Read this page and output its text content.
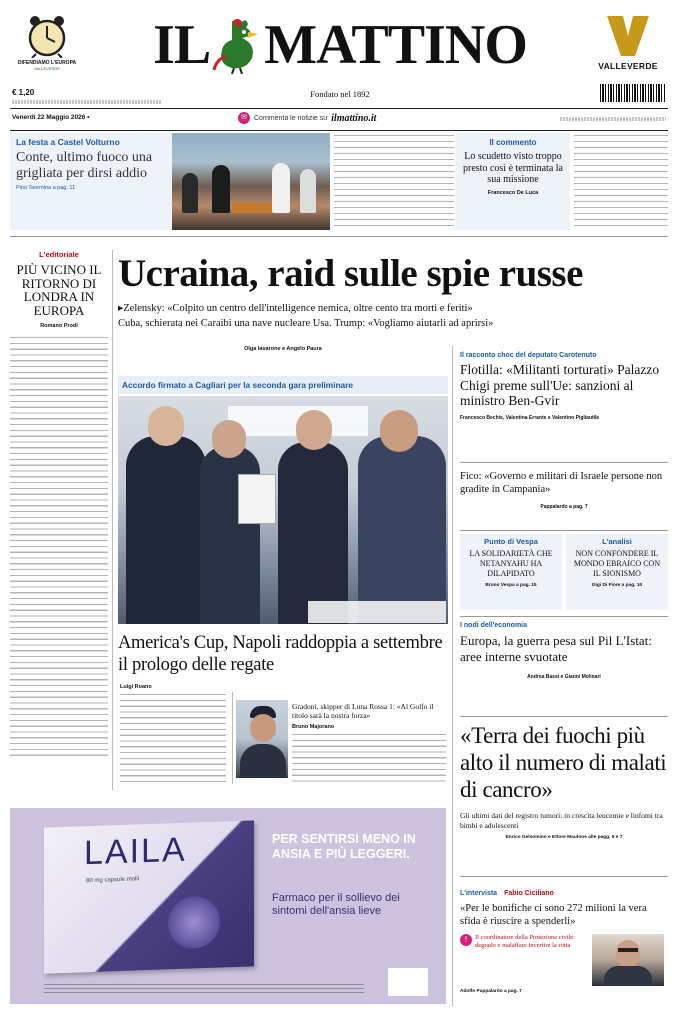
DIFENDIAMO L'EUROPA
VALLEVERDE	IL MATTINO	VALLEVERDE
€ 1,20	Fondato nel 1892
Venerdì 22 Maggio 2026 •	✉	Commenta le notizie su ilmattino.it
La festa a Castel Volturno
Conte, ultimo fuoco una grigliata per dirsi addio
Pino Taormina a pag. 11
Il commento
Lo scudetto visto troppo presto così è terminata la sua missione
Francesco De Luca
L'editoriale
PIÙ VICINO IL RITORNO DI LONDRA IN EUROPA
Romano Prodi
Ucraina, raid sulle spie russe
▸Zelensky: «Colpito un centro dell'intelligence nemica, oltre cento tra morti e feriti»
Cuba, schierata nei Caraibi una nave nucleare Usa. Trump: «Vogliamo aiutarli ad aprirsi»
Olga Iavarone e Angelo Paura
Accordo firmato a Cagliari per la seconda gara preliminare
America's Cup, Napoli raddoppia a settembre il prologo delle regate
Luigi Roano
Gradoni, skipper di Luna Rossa 1: «Al Golfo il titolo sarà la nostra forza»
Bruno Majorano
Il racconto choc del deputato Carotenuto
Flotilla: «Militanti torturati» Palazzo Chigi preme sull'Ue: sanzioni al ministro Ben-Gvir
Francesco Bechis, Valentina Errante e Valentino Pigliautile
Fico: «Governo e militari di Israele persone non gradite in Campania»
Pappalardo a pag. 7
Punto di Vespa
LA SOLIDARIETÀ CHE NETANYAHU HA DILAPIDATO
Bruno Vespa a pag. 15
L'analisi
NON CONFONDERE IL MONDO EBRAICO CON IL SIONISMO
Gigi Di Fiore a pag. 10
I nodi dell'economia
Europa, la guerra pesa sul Pil L'Istat: aree interne svuotate
Andrea Bassi e Gianni Molinari
«Terra dei fuochi più alto il numero di malati di cancro»
Gli ultimi dati del registro tumori: in crescita leucemie e linfomi tra bimbi e adolescenti
Enrico Gelsomino e Ettore Mautone alle pagg. 6 e 7
L'intervista Fabio Ciciliano
«Per le bonifiche ci sono 272 milioni la vera sfida è riuscire a spenderli»
!	Il coordinatore della Protezione civile: degrado e malaffare invertire la rotta
Adolfo Pappalardo a pag. 7
LAILA
80 mg capsule molli
PER SENTIRSI MENO IN ANSIA E PIÙ LEGGERI.
Farmaco per il sollievo dei sintomi dell'ansia lieve
